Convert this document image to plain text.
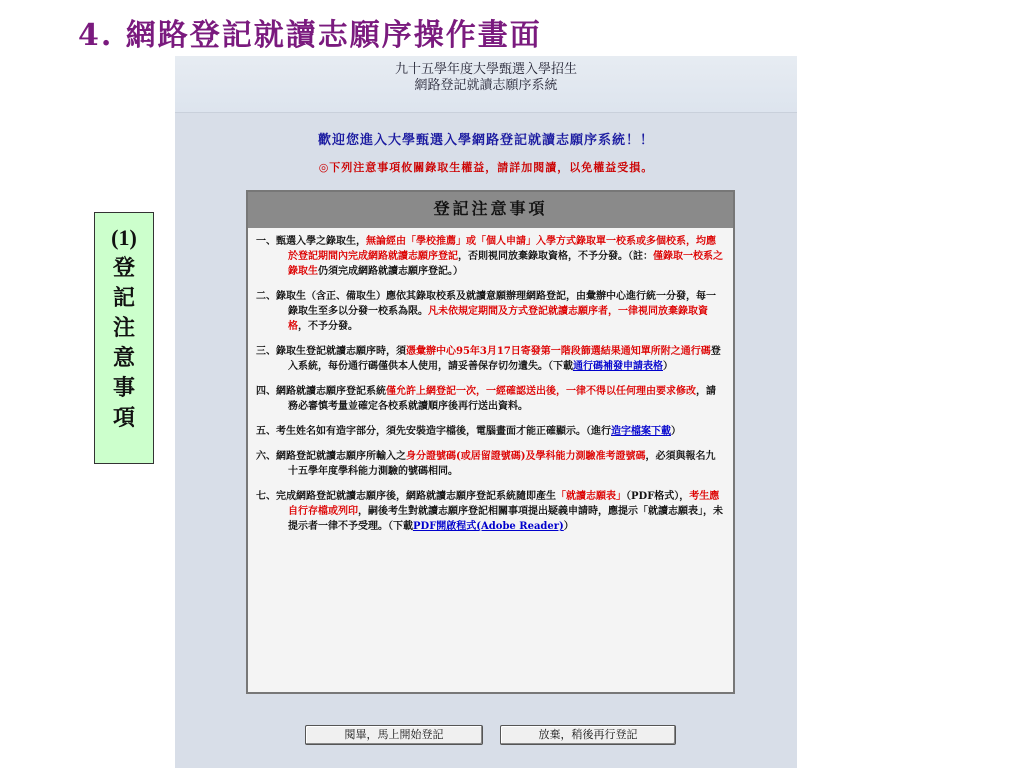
4. 網路登記就讀志願序操作畫面
(1)
登
記
注
意
事
項
九十五學年度大學甄選入學招生
網路登記就讀志願序系統
歡迎您進入大學甄選入學網路登記就讀志願序系統！！
◎下列注意事項攸關錄取生權益，請詳加閱讀，以免權益受損。
登記注意事項
一、甄選入學之錄取生，無論經由「學校推薦」或「個人申請」入學方式錄取單一校系或多個校系，均應於登記期間內完成網路就讀志願序登記，否則視同放棄錄取資格，不予分發。（註：僅錄取一校系之錄取生仍須完成網路就讀志願序登記。）
二、錄取生（含正、備取生）應依其錄取校系及就讀意願辦理網路登記，由彙辦中心進行統一分發，每一錄取生至多以分發一校系為限。凡未依規定期間及方式登記就讀志願序者，一律視同放棄錄取資格，不予分發。
三、錄取生登記就讀志願序時，須憑彙辦中心95年3月17日寄發第一階段篩選結果通知單所附之通行碼登入系統，每份通行碼僅供本人使用，請妥善保存切勿遺失。（下載通行碼補發申請表格）
四、網路就讀志願序登記系統僅允許上網登記一次，一經確認送出後，一律不得以任何理由要求修改，請務必審慎考量並確定各校系就讀順序後再行送出資料。
五、考生姓名如有造字部分，須先安裝造字檔後，電腦畫面才能正確顯示。（進行造字檔案下載）
六、網路登記就讀志願序所輸入之身分證號碼(或居留證號碼)及學科能力測驗准考證號碼，必須與報名九十五學年度學科能力測驗的號碼相同。
七、完成網路登記就讀志願序後，網路就讀志願序登記系統隨即產生「就讀志願表」（PDF格式），考生應自行存檔或列印，嗣後考生對就讀志願序登記相關事項提出疑義申請時，應提示「就讀志願表」，未提示者一律不予受理。（下載PDF開啟程式(Adobe Reader)）
閱畢，馬上開始登記	放棄，稍後再行登記
